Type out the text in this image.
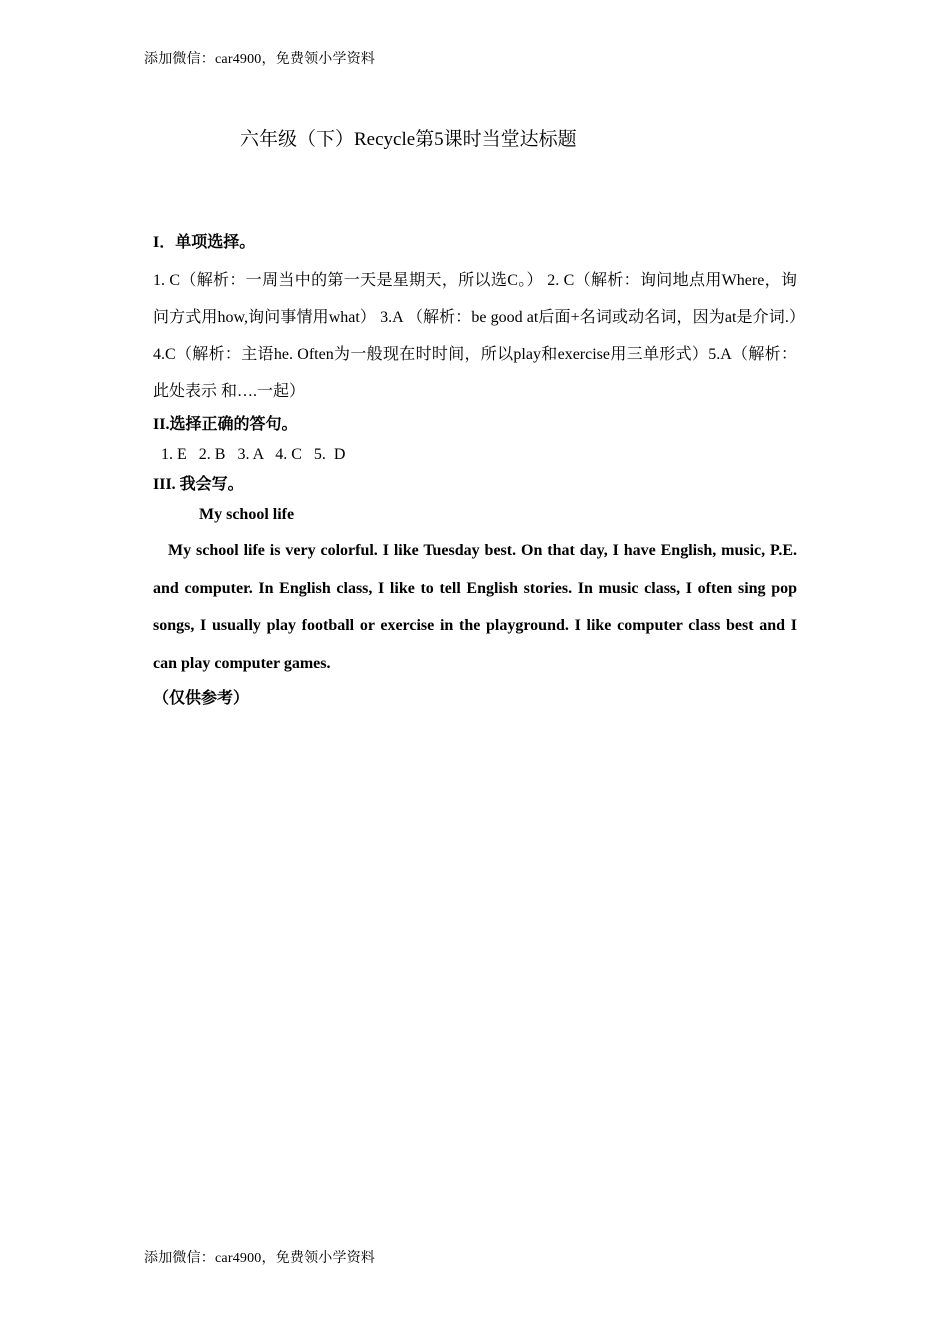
添加微信：car4900，免费领小学资料
六年级（下）Recycle第5课时当堂达标题

I．单项选择。

1. C（解析：一周当中的第一天是星期天，所以选C。） 2. C（解析：询问地点用Where，询问方式用how,询问事情用what） 3.A （解析：be good at后面+名词或动名词，因为at是介词.）4.C（解析：主语he. Often为一般现在时时间，所以play和exercise用三单形式）5.A（解析：此处表示 和….一起）

II.选择正确的答句。

1. E   2. B   3. A   4. C   5.  D

III. 我会写。

My school life

My school life is very colorful. I like Tuesday best. On that day, I have English, music, P.E. and computer. In English class, I like to tell English stories. In music class, I often sing pop songs, I usually play football or exercise in the playground. I like computer class best and I can play computer games.

（仅供参考）

添加微信：car4900，免费领小学资料
